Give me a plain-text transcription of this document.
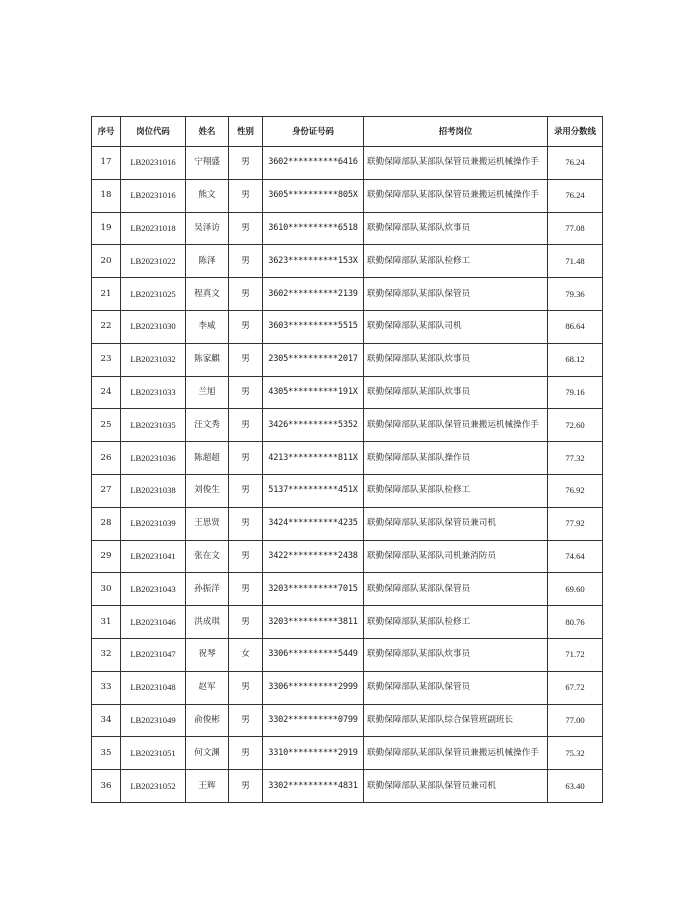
序号	岗位代码	姓名	性别	身份证号码	招考岗位	录用分数线
17	LB20231016	宁翔盛	男	3602**********6416	联勤保障部队某部队保管员兼搬运机械操作手	76.24
18	LB20231016	熊文	男	3605**********805X	联勤保障部队某部队保管员兼搬运机械操作手	76.24
19	LB20231018	吴泽访	男	3610**********6518	联勤保障部队某部队炊事员	77.08
20	LB20231022	陈泽	男	3623**********153X	联勤保障部队某部队检修工	71.48
21	LB20231025	程真文	男	3602**********2139	联勤保障部队某部队保管员	79.36
22	LB20231030	李威	男	3603**********5515	联勤保障部队某部队司机	86.64
23	LB20231032	陈家麒	男	2305**********2017	联勤保障部队某部队炊事员	68.12
24	LB20231033	兰旭	男	4305**********191X	联勤保障部队某部队炊事员	79.16
25	LB20231035	汪文秀	男	3426**********5352	联勤保障部队某部队保管员兼搬运机械操作手	72.60
26	LB20231036	陈超超	男	4213**********811X	联勤保障部队某部队操作员	77.32
27	LB20231038	刘俊生	男	5137**********451X	联勤保障部队某部队检修工	76.92
28	LB20231039	王思贤	男	3424**********4235	联勤保障部队某部队保管员兼司机	77.92
29	LB20231041	张在文	男	3422**********2438	联勤保障部队某部队司机兼消防员	74.64
30	LB20231043	孙振洋	男	3203**********7015	联勤保障部队某部队保管员	69.60
31	LB20231046	洪成琪	男	3203**********3811	联勤保障部队某部队检修工	80.76
32	LB20231047	祝琴	女	3306**********5449	联勤保障部队某部队炊事员	71.72
33	LB20231048	赵军	男	3306**********2999	联勤保障部队某部队保管员	67.72
34	LB20231049	俞俊彬	男	3302**********0799	联勤保障部队某部队综合保管班副班长	77.00
35	LB20231051	何文渊	男	3310**********2919	联勤保障部队某部队保管员兼搬运机械操作手	75.32
36	LB20231052	王辉	男	3302**********4831	联勤保障部队某部队保管员兼司机	63.40
